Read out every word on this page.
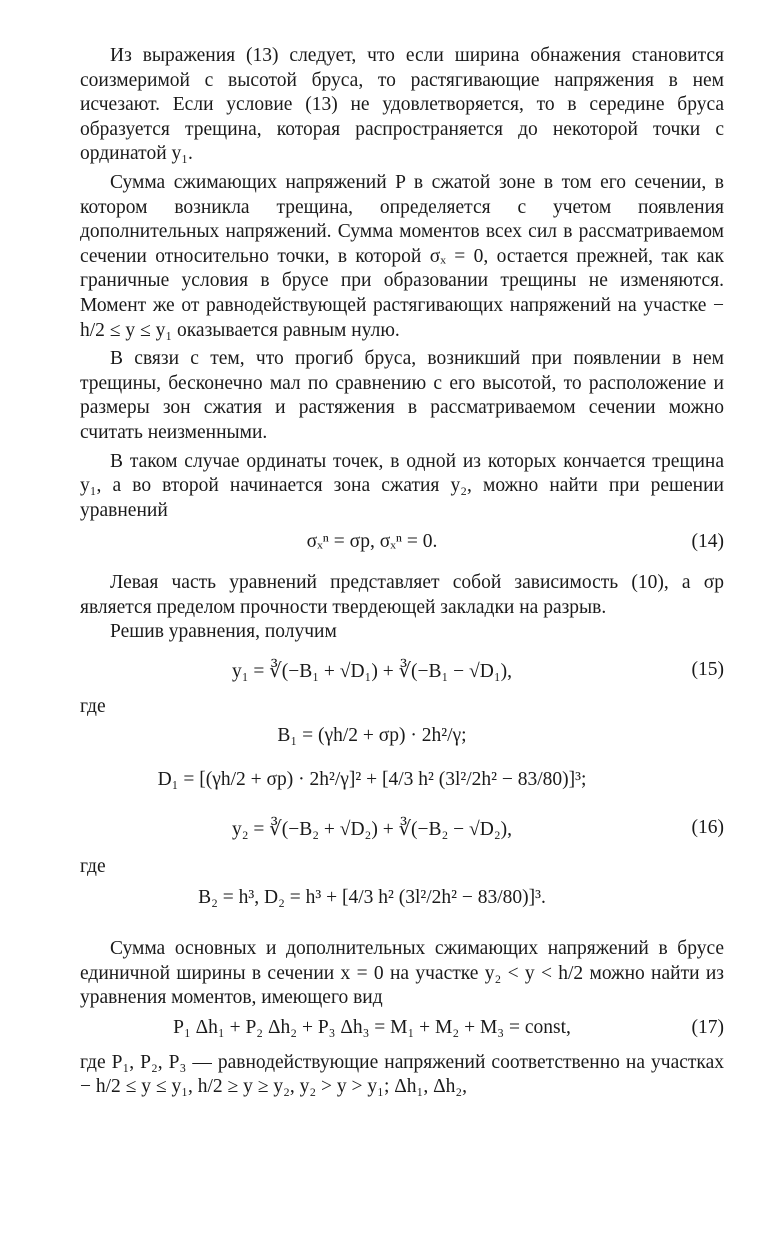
Из выражения (13) следует, что если ширина обнажения становится соизмеримой с высотой бруса, то растягивающие напряжения в нем исчезают. Если условие (13) не удовлетворяется, то в середине бруса образуется трещина, которая распространяется до некоторой точки с ординатой y₁.

Сумма сжимающих напряжений P в сжатой зоне в том его сечении, в котором возникла трещина, определяется с учетом появления дополнительных напряжений. Сумма моментов всех сил в рассматриваемом сечении относительно точки, в которой σₓ = 0, остается прежней, так как граничные условия в брусе при образовании трещины не изменяются. Момент же от равнодействующей растягивающих напряжений на участке − h/2 ≤ y ≤ y₁ оказывается равным нулю.

В связи с тем, что прогиб бруса, возникший при появлении в нем трещины, бесконечно мал по сравнению с его высотой, то расположение и размеры зон сжатия и растяжения в рассматриваемом сечении можно считать неизменными.

В таком случае ординаты точек, в одной из которых кончается трещина y₁, а во второй начинается зона сжатия y₂, можно найти при решении уравнений

σₓⁿ = σр, σₓⁿ = 0.	(14)

Левая часть уравнений представляет собой зависимость (10), а σр является пределом прочности твердеющей закладки на разрыв.

Решив уравнения, получим

y₁ = ∛(−B₁ + √D₁) + ∛(−B₁ − √D₁),	(15)
где
B₁ = (γh/2 + σр) · 2h²/γ;
D₁ = [(γh/2 + σр) · 2h²/γ]² + [4/3 h² (3l²/2h² − 83/80)]³;
y₂ = ∛(−B₂ + √D₂) + ∛(−B₂ − √D₂),	(16)
где
B₂ = h³, D₂ = h³ + [4/3 h² (3l²/2h² − 83/80)]³.

Сумма основных и дополнительных сжимающих напряжений в брусе единичной ширины в сечении x = 0 на участке y₂ < y < h/2 можно найти из уравнения моментов, имеющего вид

P₁ Δh₁ + P₂ Δh₂ + P₃ Δh₃ = M₁ + M₂ + M₃ = const,	(17)

где P₁, P₂, P₃ — равнодействующие напряжений соответственно на участках − h/2 ≤ y ≤ y₁, h/2 ≥ y ≥ y₂, y₂ > y > y₁; Δh₁, Δh₂,
